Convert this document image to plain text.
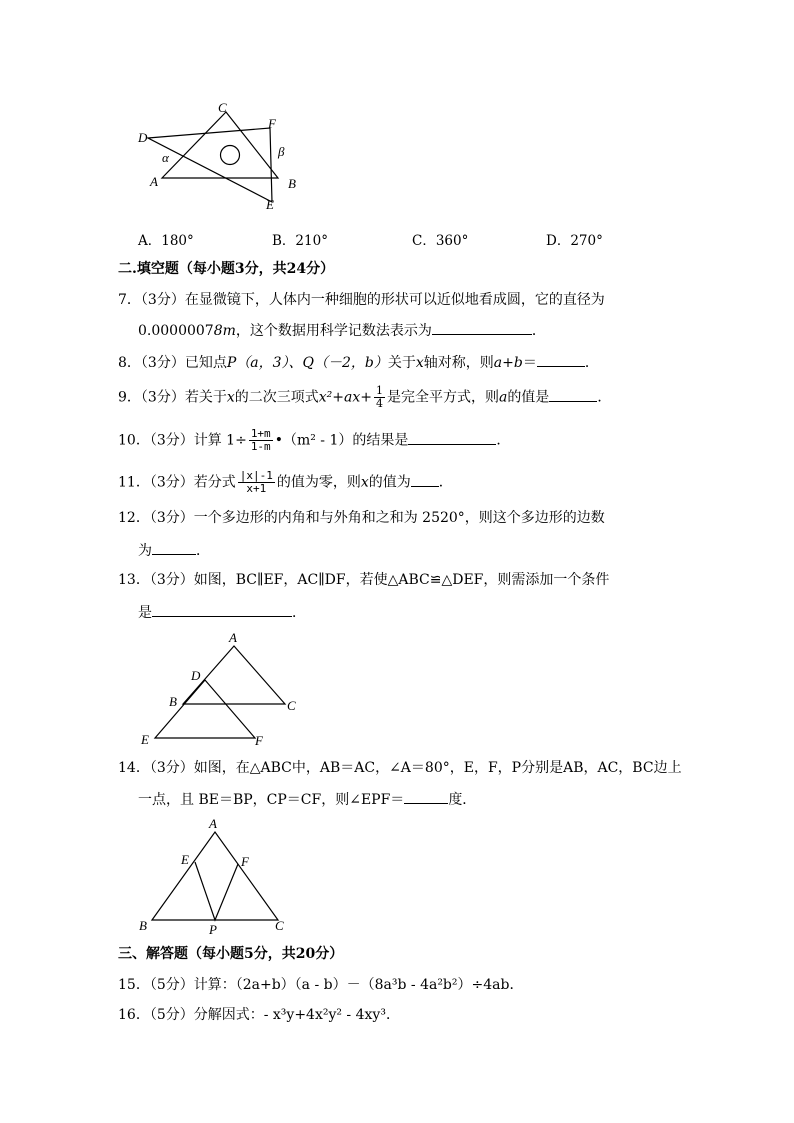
C
F
D
α	β
A	B
E
A．180°	B．210°	C．360°	D．270°
二.填空题（每小题3分，共24分）
7．（3分）在显微镜下，人体内一种细胞的形状可以近似地看成圆，它的直径为
0.00000078m，这个数据用科学记数法表示为	．
8．（3分）已知点P（a，3）、Q（－2，b）关于x轴对称，则a+b＝	．
9．（3分）若关于x的二次三项式$x^2+ax+ \frac{1}{4}$ 是完全平方式，则a的值是	．
10．（3分）计算 $1\div \frac{1+m}{1-m}$ •（m² - 1）的结果是	．
11．（3分）若分式 $\frac{|x|-1}{x+1}$ 的值为零，则x的值为 ．
12．（3分）一个多边形的内角和与外角和之和为 2520°，则这个多边形的边数
为	．
13．（3分）如图，BC∥EF，AC∥DF，若使△ABC≌△DEF，则需添加一个条件
是	．
A
D
B	C
E	F
14．（3分）如图，在△ABC中，AB＝AC，∠A＝80°，E，F，P分别是AB，AC，BC边上
一点，且 BE＝BP，CP＝CF，则∠EPF＝	度．
A
E	F
B	P	C
三、解答题（每小题5分，共20分）
15．（5分）计算：（2a+b）（a - b）－（8a³b - 4a²b²）÷4ab．
16．（5分）分解因式：- x³y+4x²y² - 4xy³．
